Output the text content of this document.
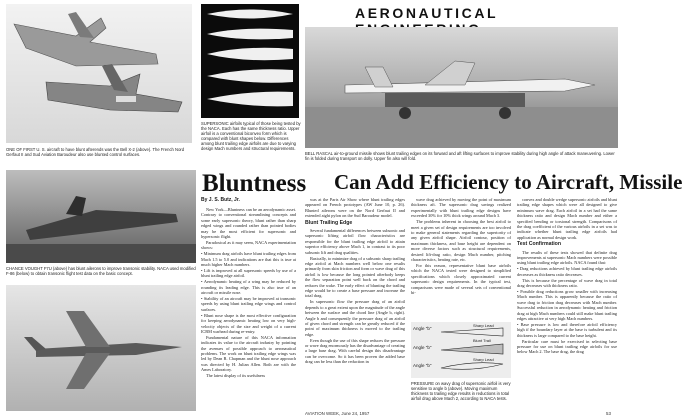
AERONAUTICAL
ONE OF FIRST U. S. aircraft to have blunt afterends was the Bell X-2 (above). The French Nord Gerfaut II and Sud Aviation Baroudeur also use blunted control surfaces.
SUPERSONIC airfoils typical of those being tested by the NACA. Each has the same thickness ratio. Upper airfoil is a conventional biconvex form which is compared with blunt shapes below. Differences among blunt trailing edge airfoils are due to varying design Mach numbers and structural requirements.
BELL RASCAL air-to-ground missile shows blunt trailing edges on its forward and aft lifting surfaces to improve stability during high angle of attack maneuvering. Lower fin is folded during transport on dolly. Upper fin also will fold.
Bluntness Can Add Efficiency to Aircraft, Missile
CHANCE VOUGHT F7U (above) has blunt ailerons to improve transonic stability. NACA used modified F-86 (below) to obtain transonic flight test data on the basic concept.
By J. S. Butz, Jr.

New York—Bluntness can be an aerodynamic asset. Contrary to conventional streamlining concepts and some early supersonic theory, blunt rather than sharp edged wings and rounded rather than pointed bodies may be the most efficient for supersonic and hypersonic flight.

Paradoxical as it may seem, NACA experimentation shows:

• Minimum drag airfoils have blunt trailing edges from Mach 1.5 to 5.0 and indications are that this is true at much higher Mach numbers.

• Lift is improved at all supersonic speeds by use of a blunt trailing edge airfoil.

• Aerodynamic heating of a wing may be reduced by rounding its leading edge. This is also true of an aircraft or missile nose.

• Stability of an aircraft may be improved at transonic speeds by using blunt trailing edge wings and control surfaces.

• Blunt nose shape is the most effective configuration for keeping aerodynamic heating low on very high-velocity objects of the size and weight of a current ICBM warhead during re-entry.

Fundamental nature of this NACA information indicates its value to the aircraft industry by pointing the avenues of possible approach to aeronautical problems. The work on blunt trailing edge wings was led by Dean R. Chapman and the blunt nose approach was directed by H. Julian Allen. Both are with the Ames Laboratory.

The latest display of its usefulness

was at the Paris Air Show where blunt trailing edges appeared on French prototypes (AW June 10, p. 26). Blunted ailerons were on the Nord Gerfaut II and extended aight pylon on the Sud Baroudeur model.

Blunt Trailing Edge

Several fundamental differences between subsonic and supersonic lifting airfoil flow characteristics are responsible for the blunt trailing edge airfoil to attain superior efficiency above Mach 1, in contrast to its poor subsonic lift and drag qualities.

Basically, to minimize drag of a subsonic sharp trailing edge airfoil at Mach numbers well below one results primarily from skin friction and form or wave drag of this airfoil is low because the long pointed afterbody keeps the flow separation point well back on the chord and reduces the wake. The early effect of blunting the trailing edge would be to create a base pressure and increase the total drag.

In supersonic flow the pressure drag of an airfoil depends to a great extent upon the magnitude of the angle between the surface and the chord line (Angle b, right). Angle b and consequently the pressure drag of an airfoil of given chord and strength can be greatly reduced if the point of maximum thickness is moved to the trailing edge.

Even though the use of this shape reduces the pressure or wave drag enormously has the disadvantage of creating a large base drag. With careful design this disadvantage can be overcome. So it has been proven the added base drag can be less than the reduction in

wave drag achieved by moving the point of maximum thickness aft. The supersonic drag savings realized experimentally with blunt trailing edge designs have exceeded 30% for 10% thick wings around Mach 3.

The problems inherent in choosing the best airfoil to meet a given set of design requirements are too involved to make general statements regarding the superiority of any given airfoil shape. Airfoil contour, position of maximum thickness, and base height are dependent on more diverse factors such as structural requirements, desired lift-drag ratio, design Mach number, pitching characteristics, heating rate, etc.

For this reason, representative blunt base airfoils which the NACA tested were designed to simplified specifications which closely approximated current supersonic design requirements. In the typical test, comparisons were made of several sets of conventional bi-

convex and double wedge supersonic airfoils and blunt trailing edge shapes which were all designed to give minimum wave drag. Each airfoil in a set had the same thickness ratio and design Mach number and either a specified bending or torsional strength. Comparisons of the drag coefficient of the various airfoils in a set was to indicate whether blunt trailing edge airfoils had application as normal design work.

Test Confirmation

The results of these tests showed that definite drag improvements at supersonic Mach numbers were possible using blunt trailing edge airfoils. NACA found that:

• Drag reductions achieved by blunt trailing edge airfoils decreases as thickness ratio decreases.

This is because the percentage of wave drag in total drag decreases with thickness ratio.

• Possible drag reductions grow smaller with increasing Mach number. This is apparently because the ratio of wave drag to friction drag decreases with Mach number. Successful reduction in aerodynamic heating and friction drag at high Mach numbers could still make blunt trailing edges attractive at very high Mach numbers.

• Base pressure is low and therefore airfoil efficiency high if the boundary layer at the base is turbulent and its thickness is large compared to the base height.

Particular care must be exercised in selecting base pressure for use on blunt trailing edge airfoils for use below Mach 2. The base drag, the drag

Angle "b"
Sharp Lead
Angle "b"
Blunt Trail
Angle "b"
Sharp Lead
PRESSURE on wavy drag of supersonic airfoil is very sensitive to angle b (above). Moving maximum thickness to trailing edge results in reductions in total airfoil drag above Mach 2, according to NACA tests.
AVIATION WEEK, June 24, 1957	53
